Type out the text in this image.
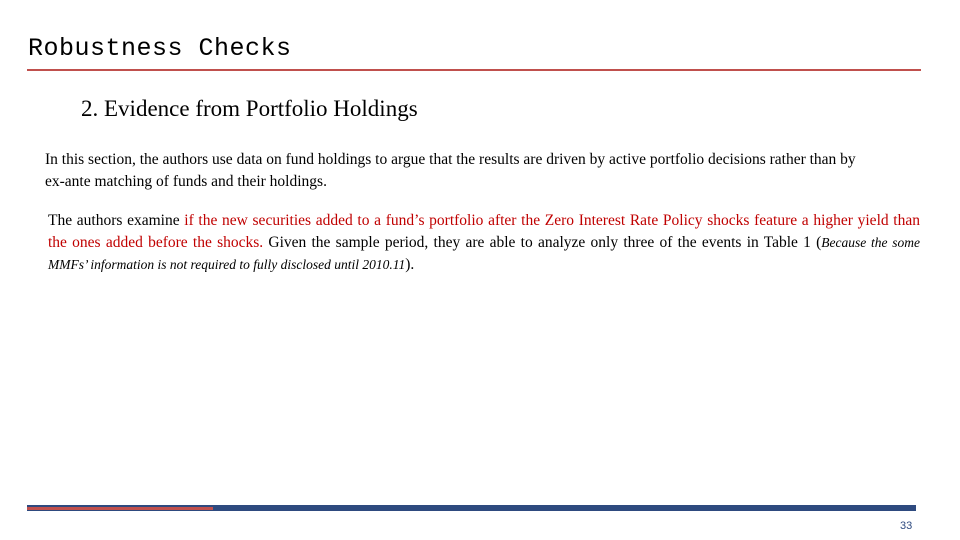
Robustness Checks
2. Evidence from Portfolio Holdings

In this section, the authors use data on fund holdings to argue that the results are driven by active portfolio decisions rather than by ex-ante matching of funds and their holdings.

The authors examine if the new securities added to a fund’s portfolio after the Zero Interest Rate Policy shocks feature a higher yield than the ones added before the shocks. Given the sample period, they are able to analyze only three of the events in Table 1 (Because the some MMFs’ information is not required to fully disclosed until 2010.11).

33
